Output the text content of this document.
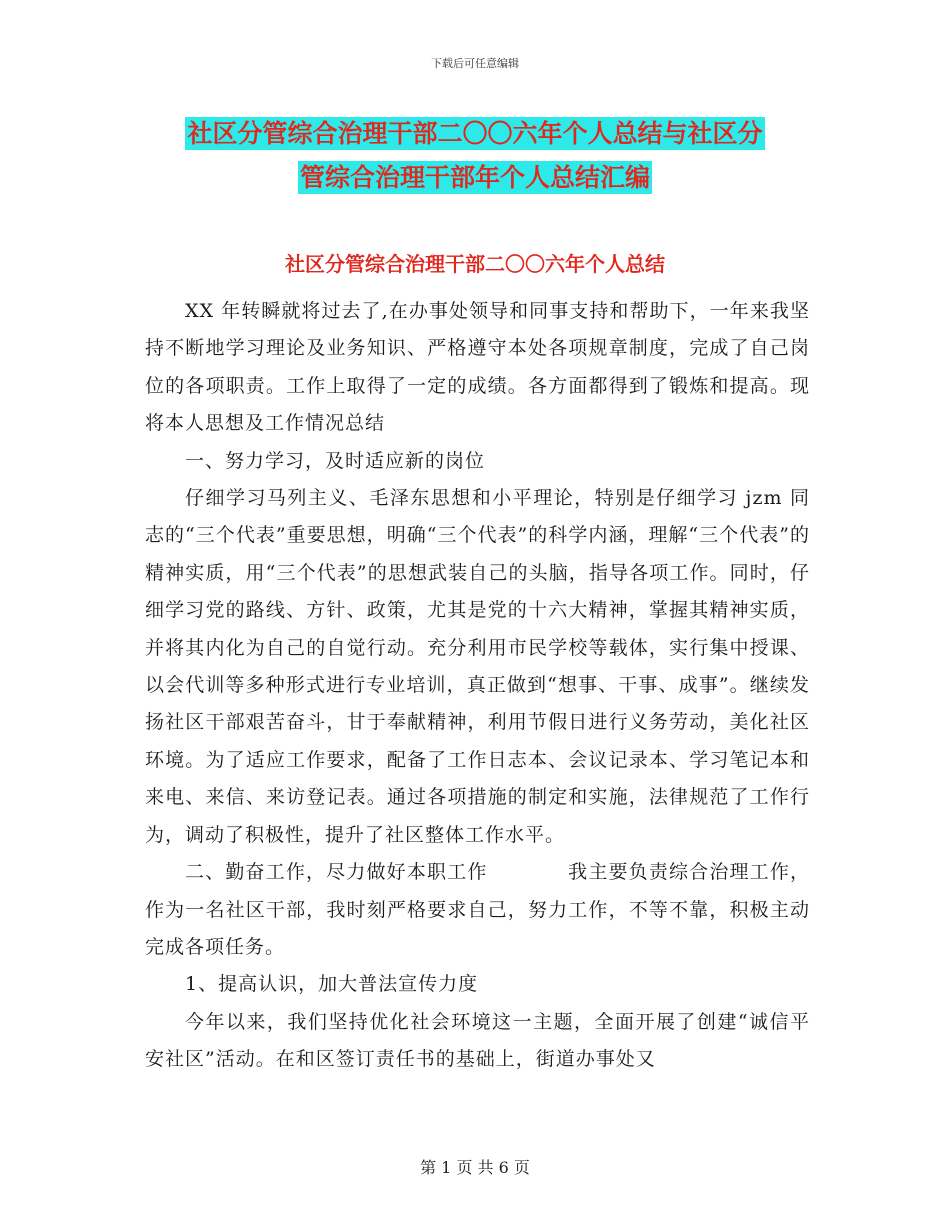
下载后可任意编辑
社区分管综合治理干部二〇〇六年个人总结与社区分
管综合治理干部年个人总结汇编
社区分管综合治理干部二〇〇六年个人总结

XX 年转瞬就将过去了,在办事处领导和同事支持和帮助下，一年来我坚持不断地学习理论及业务知识、严格遵守本处各项规章制度，完成了自己岗位的各项职责。工作上取得了一定的成绩。各方面都得到了锻炼和提高。现将本人思想及工作情况总结

一、努力学习，及时适应新的岗位

仔细学习马列主义、毛泽东思想和小平理论，特别是仔细学习 jzm 同志的“三个代表”重要思想，明确“三个代表”的科学内涵，理解“三个代表”的精神实质，用“三个代表”的思想武装自己的头脑，指导各项工作。同时，仔细学习党的路线、方针、政策，尤其是党的十六大精神，掌握其精神实质，并将其内化为自己的自觉行动。充分利用市民学校等载体，实行集中授课、以会代训等多种形式进行专业培训，真正做到“想事、干事、成事”。继续发扬社区干部艰苦奋斗，甘于奉献精神，利用节假日进行义务劳动，美化社区环境。为了适应工作要求，配备了工作日志本、会议记录本、学习笔记本和来电、来信、来访登记表。通过各项措施的制定和实施，法律规范了工作行为，调动了积极性，提升了社区整体工作水平。

二、勤奋工作，尽力做好本职工作　　　　我主要负责综合治理工作，作为一名社区干部，我时刻严格要求自己，努力工作，不等不靠，积极主动完成各项任务。

1、提高认识，加大普法宣传力度

今年以来，我们坚持优化社会环境这一主题，全面开展了创建“诚信平安社区”活动。在和区签订责任书的基础上，街道办事处又

第 1 页 共 6 页
